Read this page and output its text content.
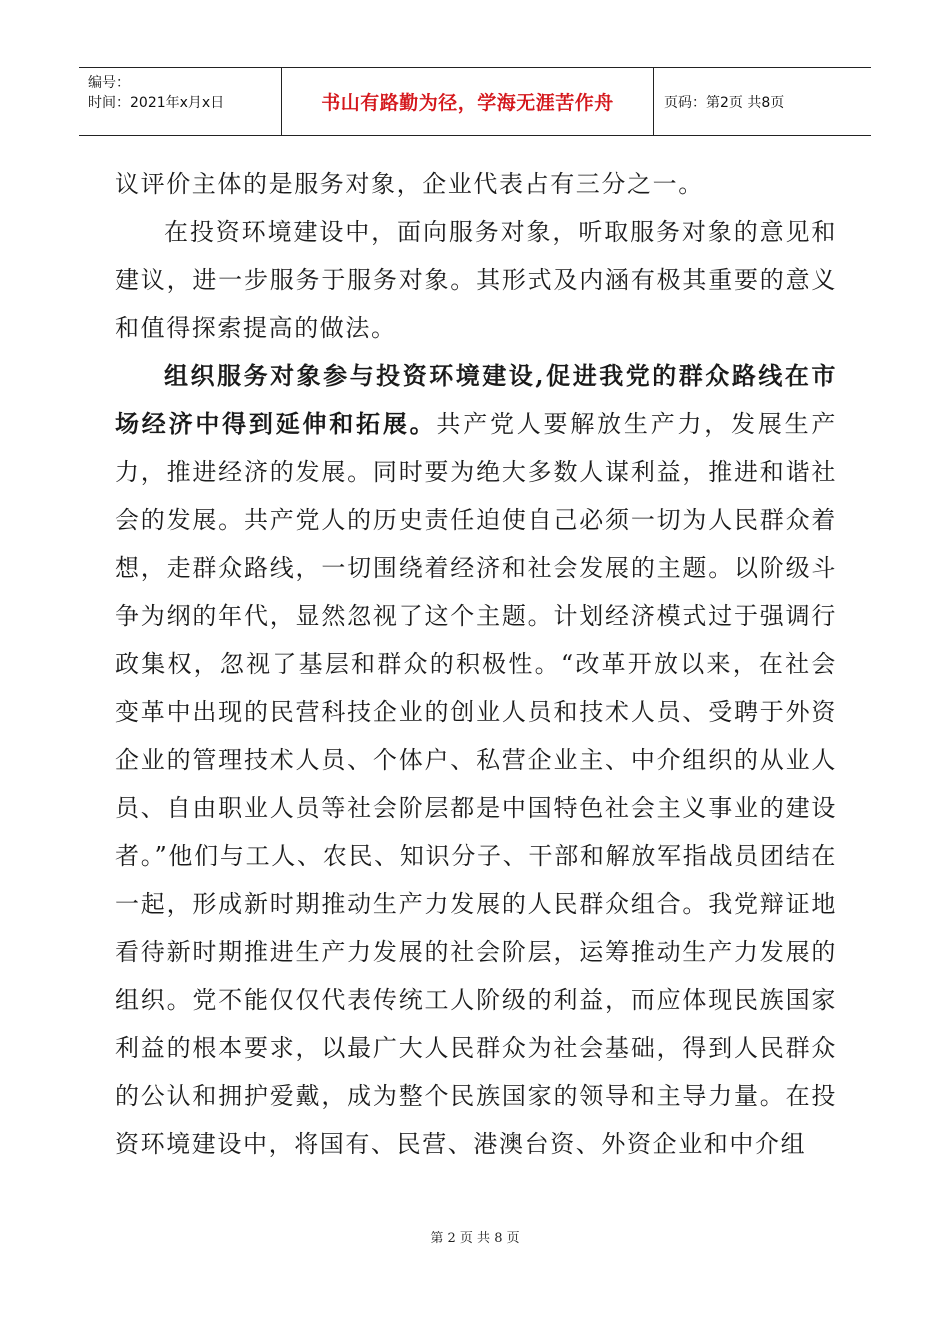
编号：
时间：2021年x月x日	书山有路勤为径，学海无涯苦作舟	页码：第2页 共8页

议评价主体的是服务对象，企业代表占有三分之一。

在投资环境建设中，面向服务对象，听取服务对象的意见和建议，进一步服务于服务对象。其形式及内涵有极其重要的意义和值得探索提高的做法。

组织服务对象参与投资环境建设,促进我党的群众路线在市场经济中得到延伸和拓展。共产党人要解放生产力，发展生产力，推进经济的发展。同时要为绝大多数人谋利益，推进和谐社会的发展。共产党人的历史责任迫使自己必须一切为人民群众着想，走群众路线，一切围绕着经济和社会发展的主题。以阶级斗争为纲的年代，显然忽视了这个主题。计划经济模式过于强调行政集权，忽视了基层和群众的积极性。“改革开放以来，在社会变革中出现的民营科技企业的创业人员和技术人员、受聘于外资企业的管理技术人员、个体户、私营企业主、中介组织的从业人员、自由职业人员等社会阶层都是中国特色社会主义事业的建设者。”他们与工人、农民、知识分子、干部和解放军指战员团结在一起，形成新时期推动生产力发展的人民群众组合。我党辩证地看待新时期推进生产力发展的社会阶层，运筹推动生产力发展的组织。党不能仅仅代表传统工人阶级的利益，而应体现民族国家利益的根本要求，以最广大人民群众为社会基础，得到人民群众的公认和拥护爱戴，成为整个民族国家的领导和主导力量。在投资环境建设中，将国有、民营、港澳台资、外资企业和中介组

第 2 页 共 8 页
